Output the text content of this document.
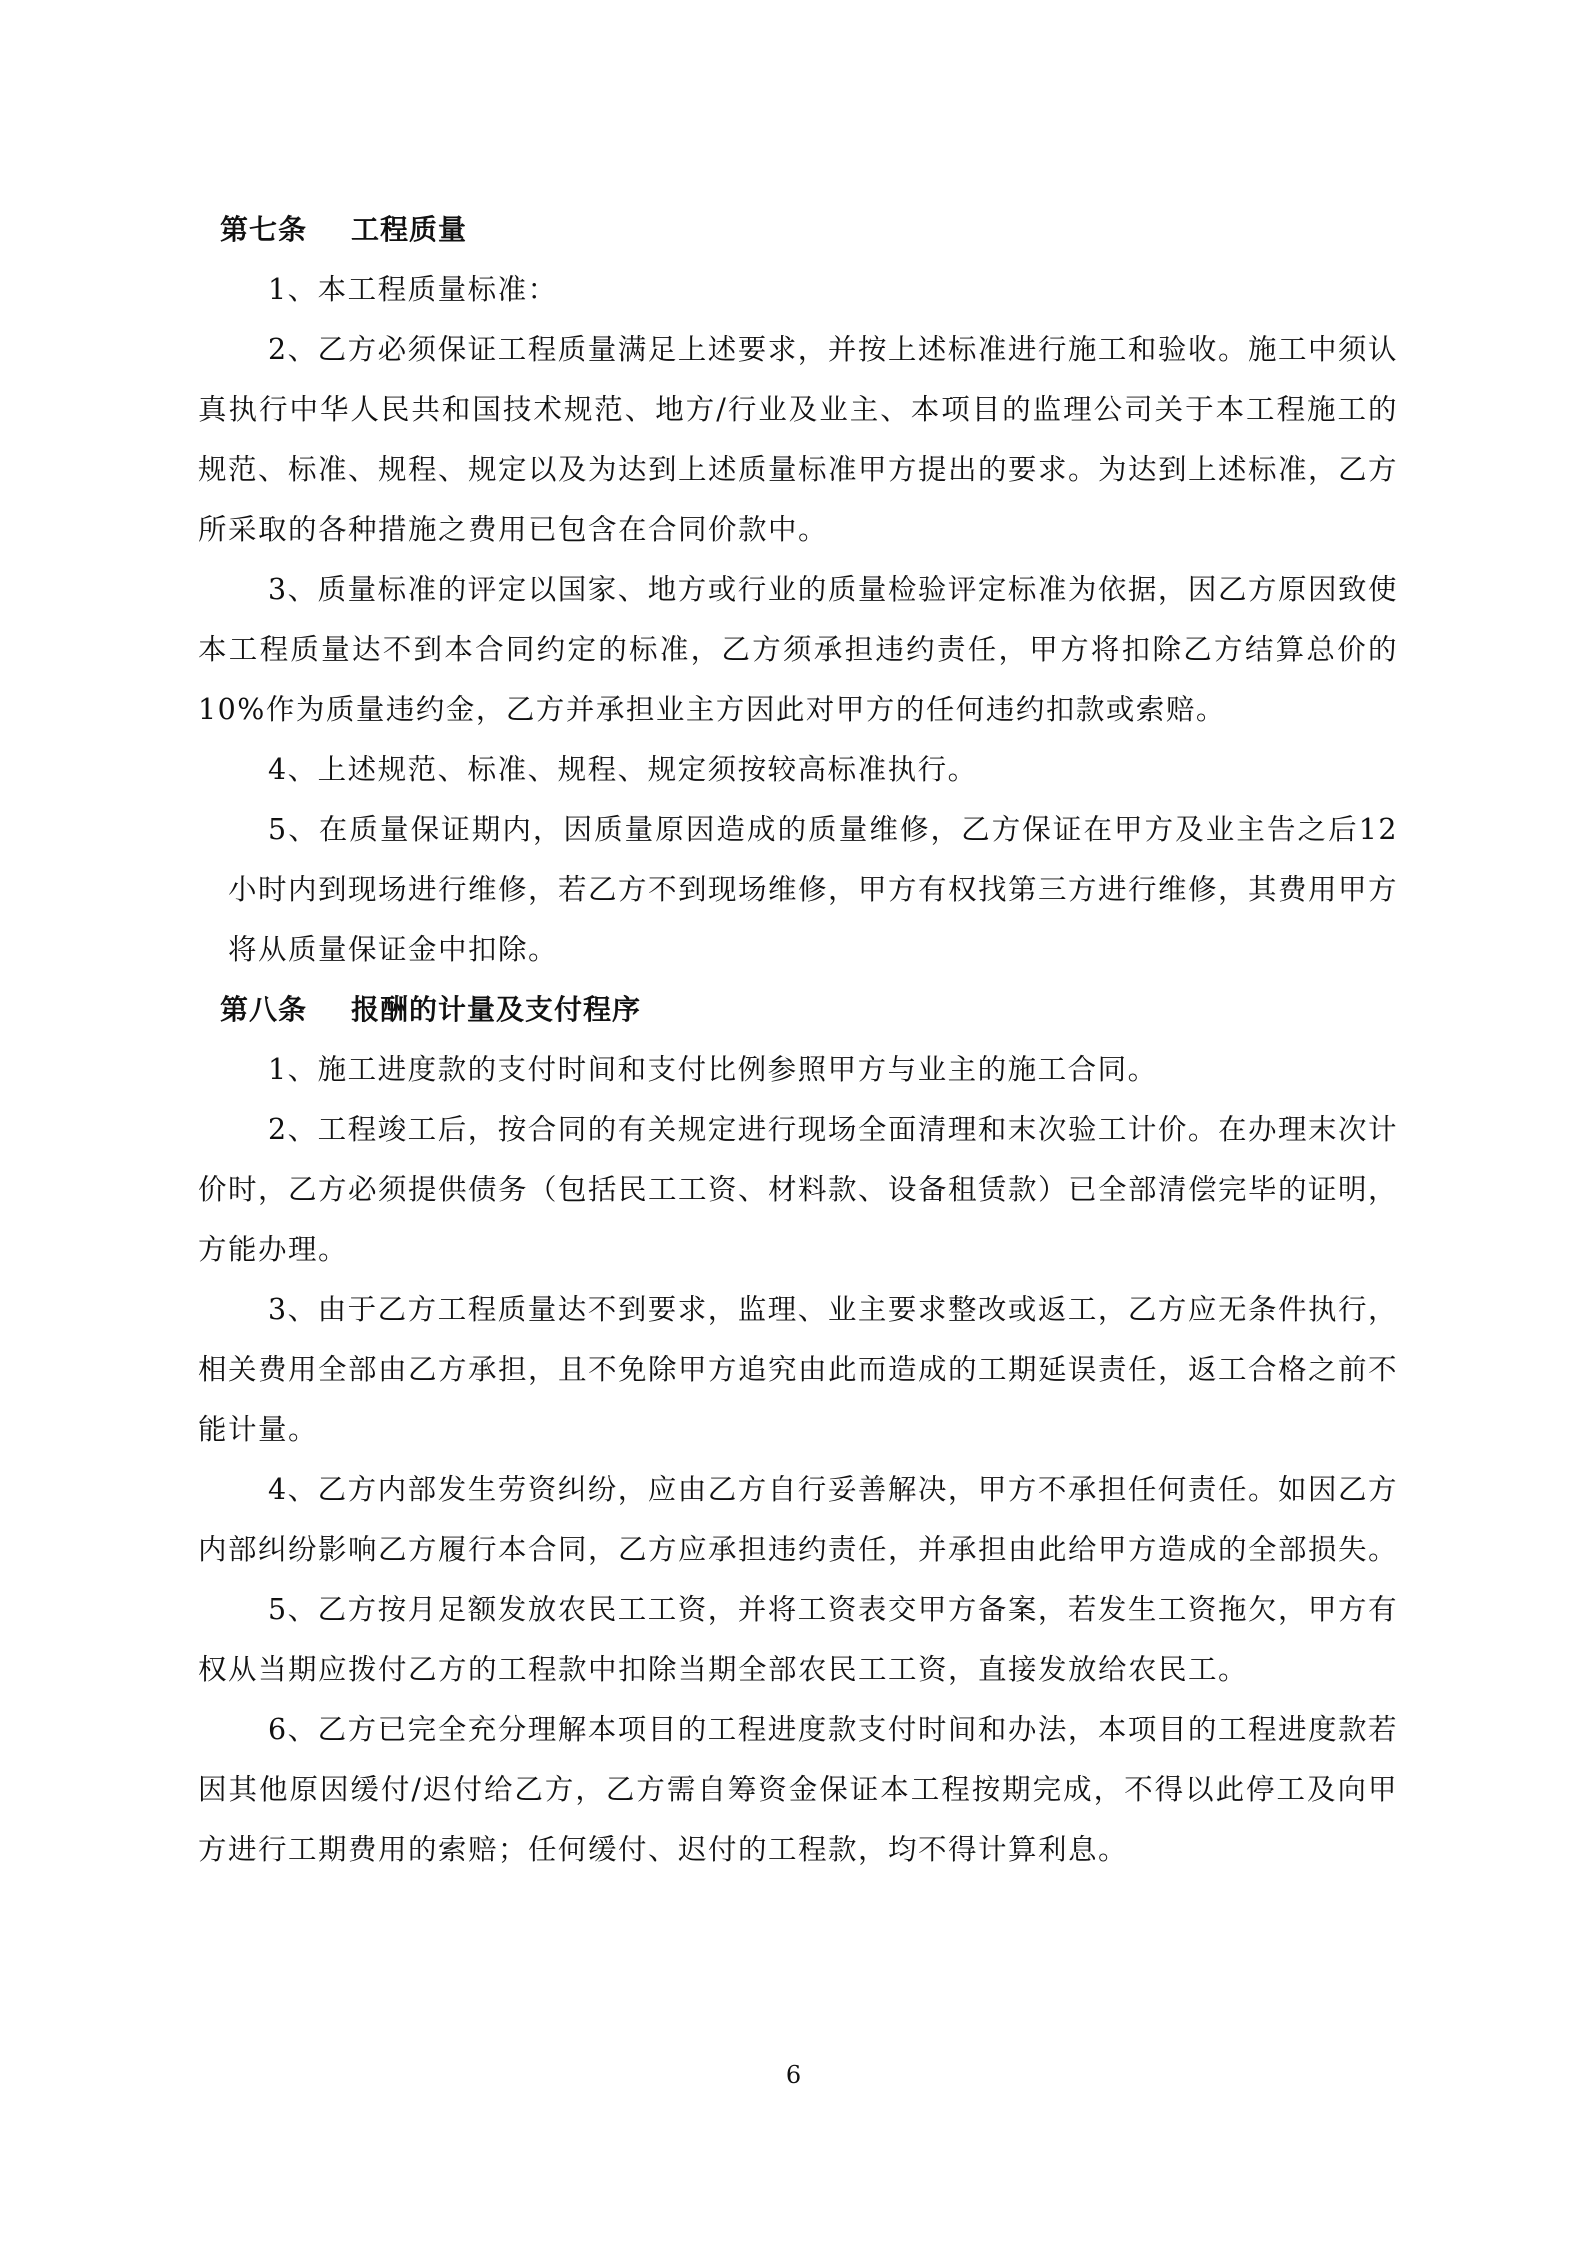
第七条 工程质量

1、本工程质量标准：

2、乙方必须保证工程质量满足上述要求，并按上述标准进行施工和验收。施工中须认真执行中华人民共和国技术规范、地方/行业及业主、本项目的监理公司关于本工程施工的规范、标准、规程、规定以及为达到上述质量标准甲方提出的要求。为达到上述标准，乙方所采取的各种措施之费用已包含在合同价款中。

3、质量标准的评定以国家、地方或行业的质量检验评定标准为依据，因乙方原因致使本工程质量达不到本合同约定的标准，乙方须承担违约责任，甲方将扣除乙方结算总价的 10%作为质量违约金，乙方并承担业主方因此对甲方的任何违约扣款或索赔。

4、上述规范、标准、规程、规定须按较高标准执行。

5、在质量保证期内，因质量原因造成的质量维修，乙方保证在甲方及业主告之后12 小时内到现场进行维修，若乙方不到现场维修，甲方有权找第三方进行维修，其费用甲方将从质量保证金中扣除。

第八条 报酬的计量及支付程序

1、施工进度款的支付时间和支付比例参照甲方与业主的施工合同。

2、工程竣工后，按合同的有关规定进行现场全面清理和末次验工计价。在办理末次计价时，乙方必须提供债务（包括民工工资、材料款、设备租赁款）已全部清偿完毕的证明，方能办理。

3、由于乙方工程质量达不到要求，监理、业主要求整改或返工，乙方应无条件执行，相关费用全部由乙方承担，且不免除甲方追究由此而造成的工期延误责任，返工合格之前不能计量。

4、乙方内部发生劳资纠纷，应由乙方自行妥善解决，甲方不承担任何责任。如因乙方内部纠纷影响乙方履行本合同，乙方应承担违约责任，并承担由此给甲方造成的全部损失。

5、乙方按月足额发放农民工工资，并将工资表交甲方备案，若发生工资拖欠，甲方有权从当期应拨付乙方的工程款中扣除当期全部农民工工资，直接发放给农民工。

6、乙方已完全充分理解本项目的工程进度款支付时间和办法，本项目的工程进度款若因其他原因缓付/迟付给乙方，乙方需自筹资金保证本工程按期完成，不得以此停工及向甲方进行工期费用的索赔；任何缓付、迟付的工程款，均不得计算利息。

6
